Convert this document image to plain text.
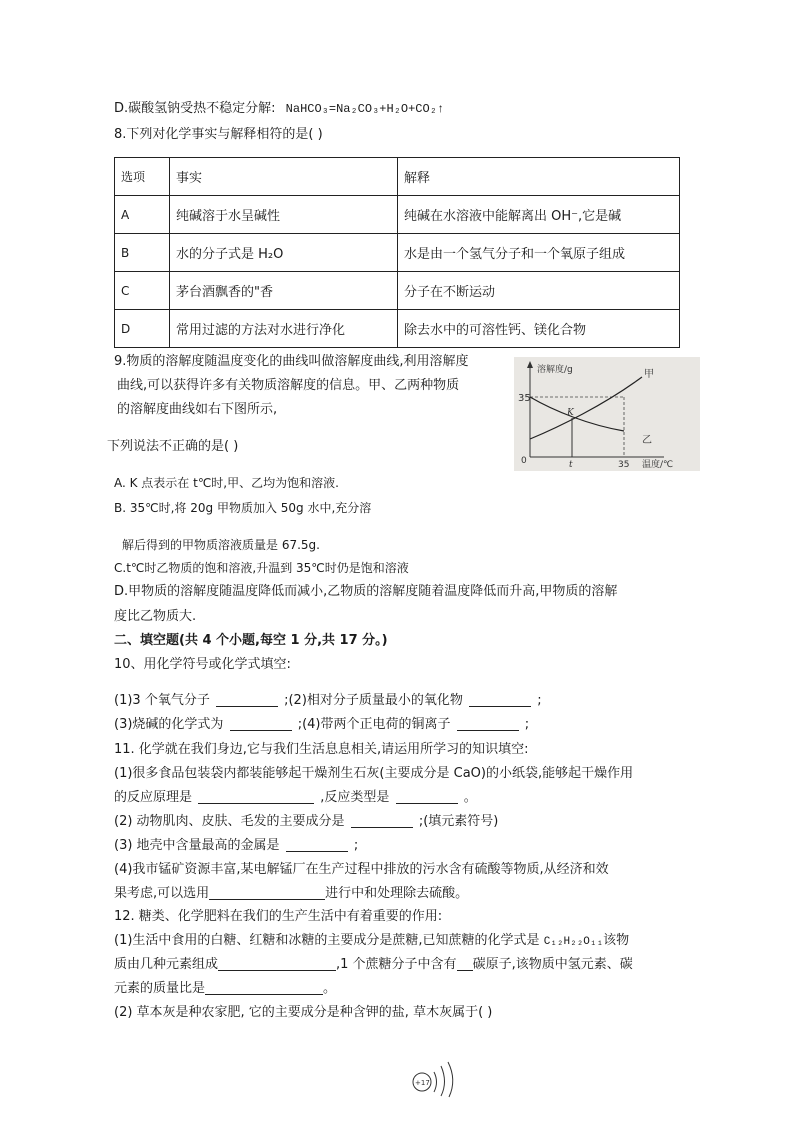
D.碳酸氢钠受热不稳定分解: NaHCO₃=Na₂CO₃+H₂O+CO₂↑
8.下列对化学事实与解释相符的是( )
选项	事实	解释
A	纯碱溶于水呈碱性	纯碱在水溶液中能解离出 OH⁻,它是碱
B	水的分子式是 H₂O	水是由一个氢气分子和一个氧原子组成
C	茅台酒飘香的"香	分子在不断运动
D	常用过滤的方法对水进行净化	除去水中的可溶性钙、镁化合物
9.物质的溶解度随温度变化的曲线叫做溶解度曲线,利用溶解度
曲线,可以获得许多有关物质溶解度的信息。甲、乙两种物质
的溶解度曲线如右下图所示,
下列说法不正确的是( )
35
溶解度/g	甲
乙
K
0	t	35 温度/℃
A. K 点表示在 t℃时,甲、乙均为饱和溶液.
B. 35℃时,将 20g 甲物质加入 50g 水中,充分溶
解后得到的甲物质溶液质量是 67.5g.
C.t℃时乙物质的饱和溶液,升温到 35℃时仍是饱和溶液
D.甲物质的溶解度随温度降低而减小,乙物质的溶解度随着温度降低而升高,甲物质的溶解
度比乙物质大.
二、填空题(共 4 个小题,每空 1 分,共 17 分。)
10、用化学符号或化学式填空:
(1)3 个氧气分子	;(2)相对分子质量最小的氧化物	;
(3)烧碱的化学式为	;(4)带两个正电荷的铜离子	;
11. 化学就在我们身边,它与我们生活息息相关,请运用所学习的知识填空:
(1)很多食品包装袋内都装能够起干燥剂生石灰(主要成分是 CaO)的小纸袋,能够起干燥作用
的反应原理是	,反应类型是	。
(2) 动物肌肉、皮肤、毛发的主要成分是	;(填元素符号)
(3) 地壳中含量最高的金属是	;
(4)我市锰矿资源丰富,某电解锰厂在生产过程中排放的污水含有硫酸等物质,从经济和效
果考虑,可以选用	进行中和处理除去硫酸。
12. 糖类、化学肥料在我们的生产生活中有着重要的作用:
(1)生活中食用的白糖、红糖和冰糖的主要成分是蔗糖,已知蔗糖的化学式是 C₁₂H₂₂O₁₁该物
质由几种元素组成	,1 个蔗糖分子中含有 碳原子,该物质中氢元素、碳
元素的质量比是	。
(2) 草本灰是种农家肥, 它的主要成分是种含钾的盐, 草木灰属于( )
+17
